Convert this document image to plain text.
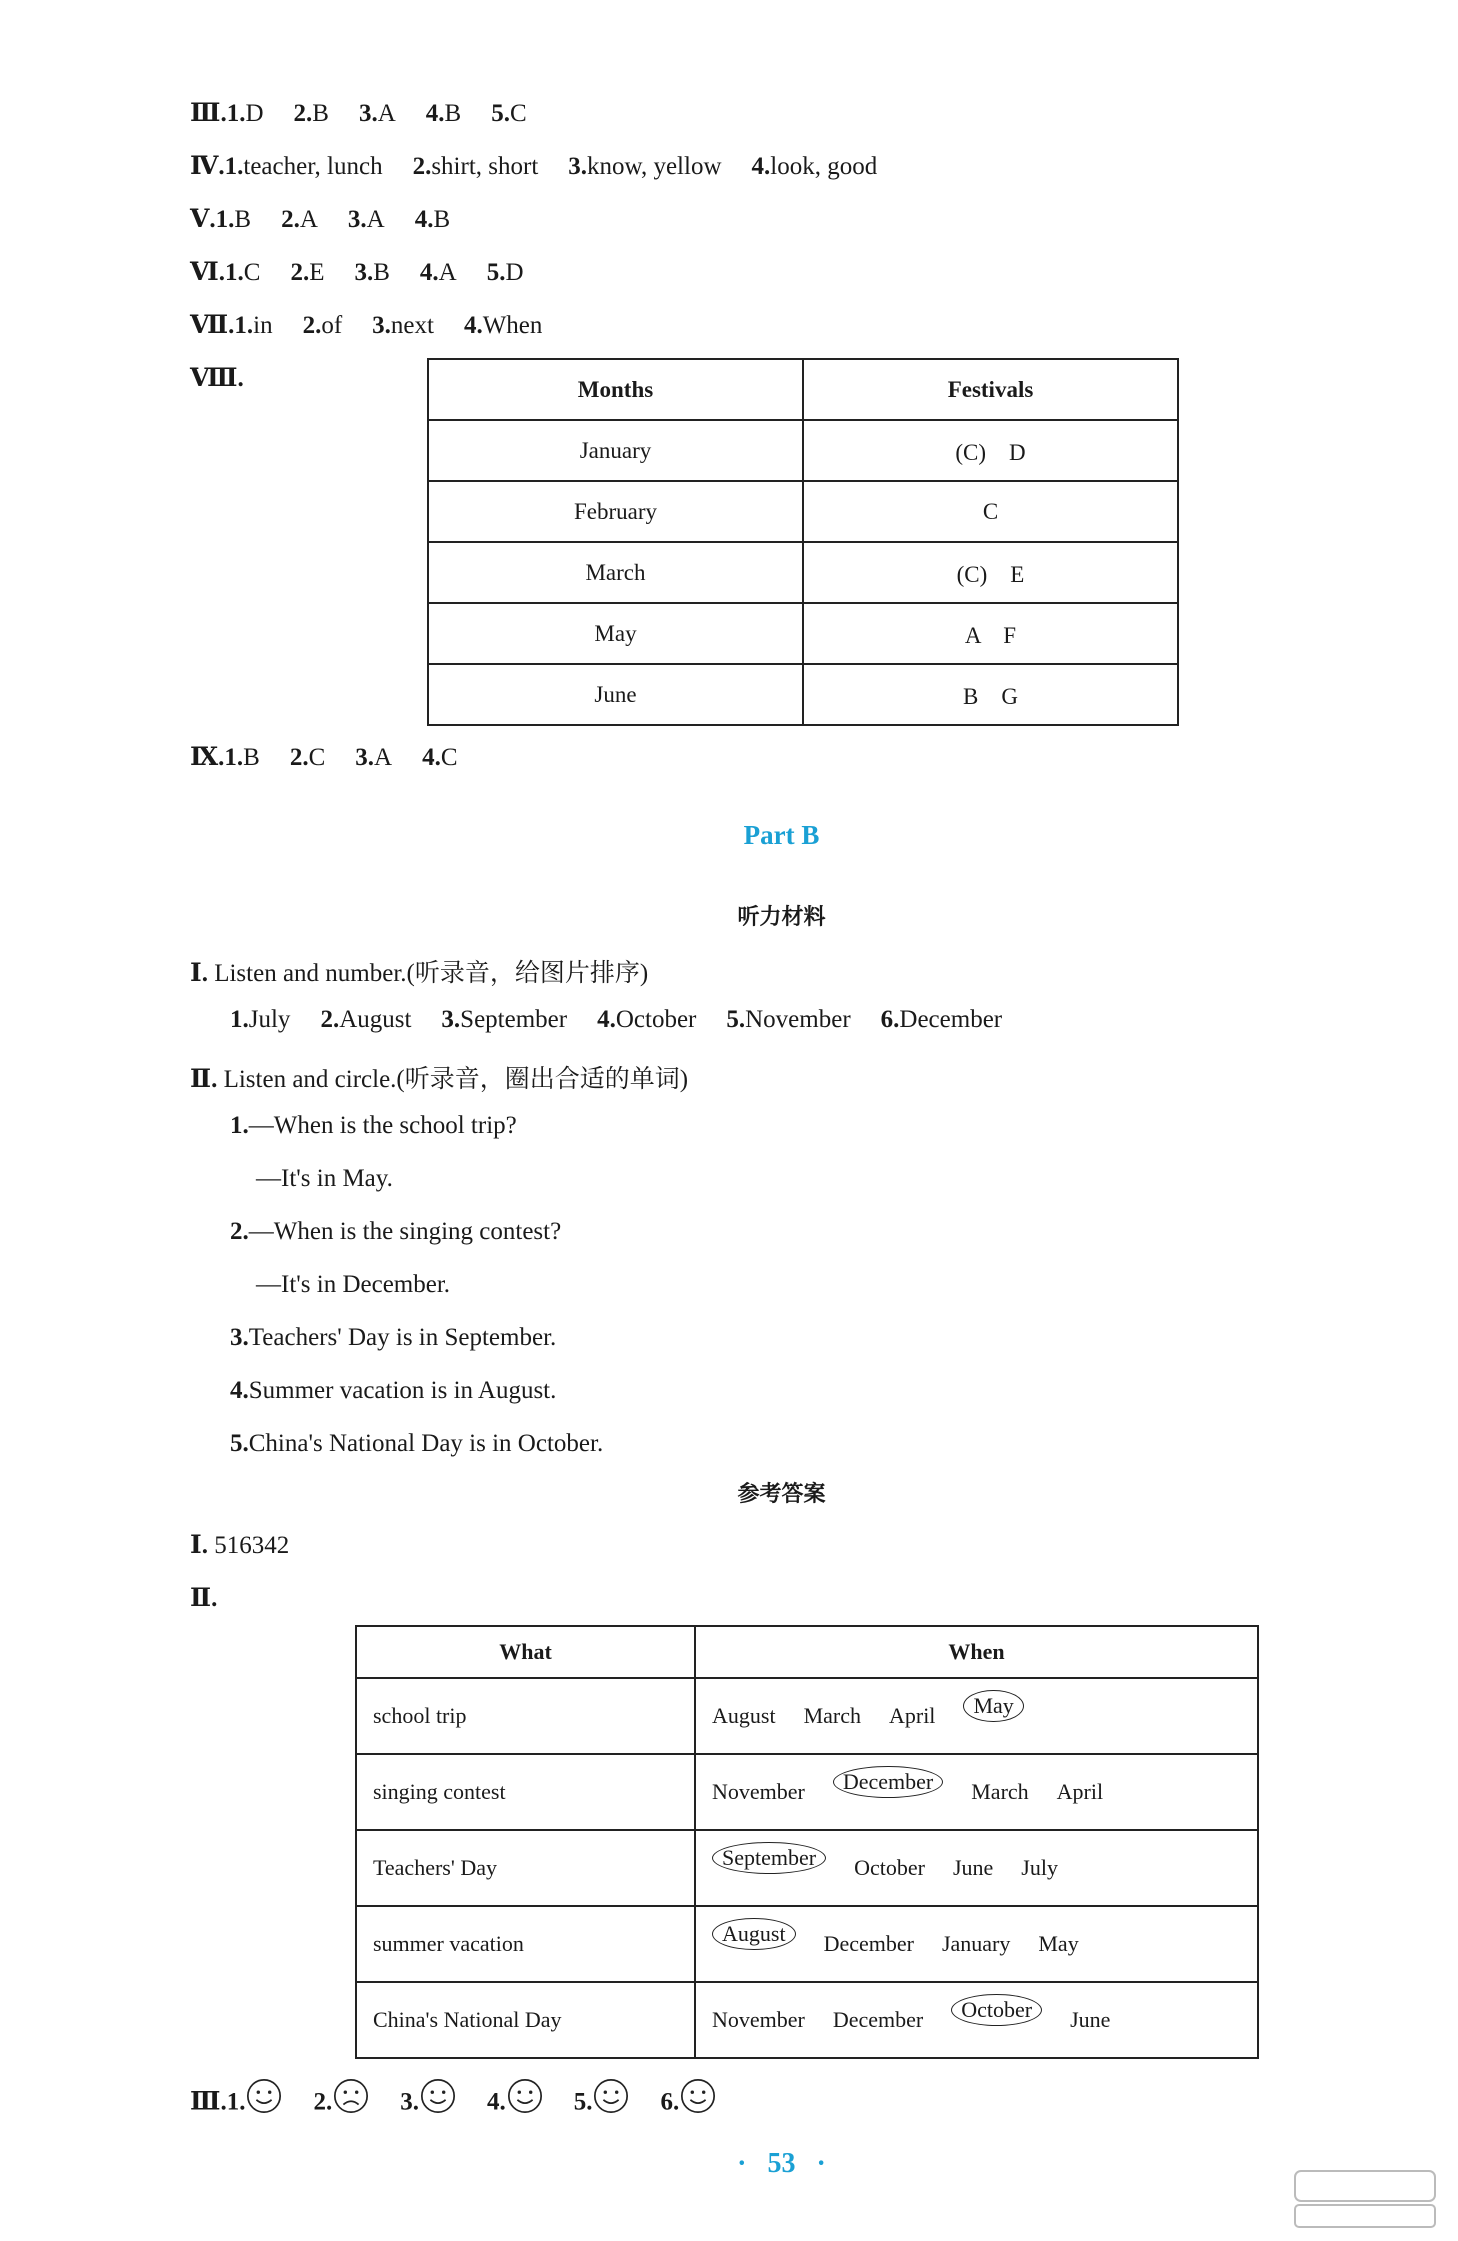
Ⅲ.1.D 2.B 3.A 4.B 5.C
Ⅳ.1.teacher, lunch 2.shirt, short 3.know, yellow 4.look, good
Ⅴ.1.B 2.A 3.A 4.B
Ⅵ.1.C 2.E 3.B 4.A 5.D
Ⅶ.1.in 2.of 3.next 4.When
Ⅷ.	Months	Festivals
January	(C)　D
February	C
March	(C)　E
May	A　F
June	B　G
Ⅸ.1.B 2.C 3.A 4.C
Part B
听力材料
Ⅰ. Listen and number.(听录音，给图片排序)
1.July 2.August 3.September 4.October 5.November 6.December
Ⅱ. Listen and circle.(听录音，圈出合适的单词)
1.—When is the school trip?
—It's in May.
2.—When is the singing contest?
—It's in December.
3.Teachers' Day is in September.
4.Summer vacation is in August.
5.China's National Day is in October.
参考答案
Ⅰ. 516342
Ⅱ.
What	When
school trip	August March April May
singing contest	November December March April
Teachers' Day	September October June July
summer vacation	August December January May
China's National Day	November December October June
Ⅲ.1.	2.	3.	4.	5.	6.
· 53 ·
